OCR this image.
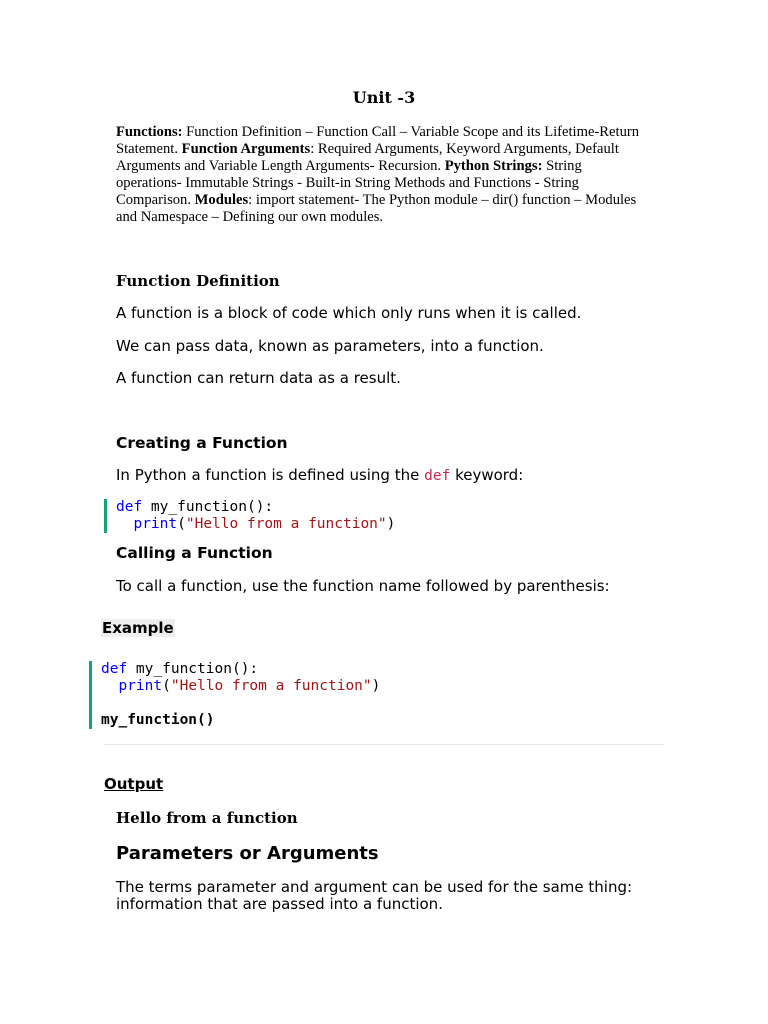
Unit -3
Functions: Function Definition – Function Call – Variable Scope and its Lifetime-Return Statement. Function Arguments: Required Arguments, Keyword Arguments, Default Arguments and Variable Length Arguments- Recursion. Python Strings: String operations- Immutable Strings - Built-in String Methods and Functions - String Comparison. Modules: import statement- The Python module – dir() function – Modules and Namespace – Defining our own modules.
Function Definition
A function is a block of code which only runs when it is called.
We can pass data, known as parameters, into a function.
A function can return data as a result.
Creating a Function
In Python a function is defined using the def keyword:
def my_function():
print("Hello from a function")
Calling a Function
To call a function, use the function name followed by parenthesis:
Example
def my_function():
print("Hello from a function")
my_function()
Output
Hello from a function
Parameters or Arguments
The terms parameter and argument can be used for the same thing: information that are passed into a function.
